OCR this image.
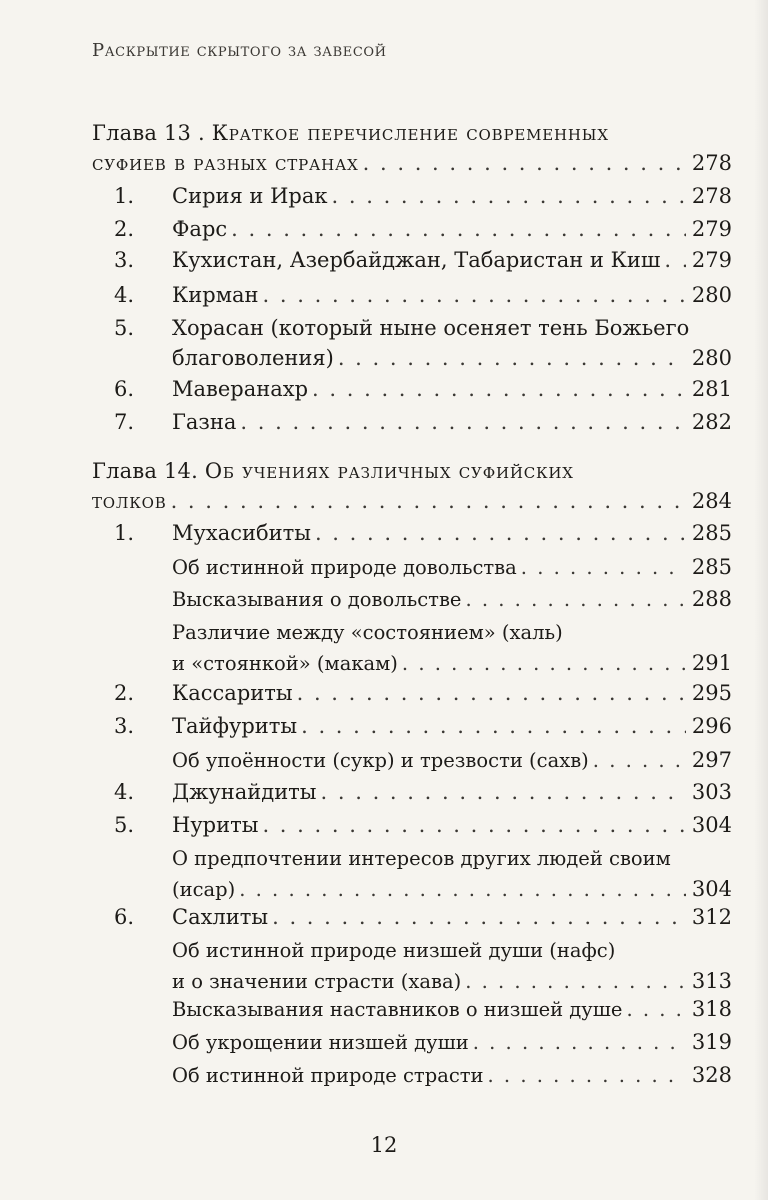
Раскрытие скрытого за завесой
Глава 13 . Краткое перечисление современных
суфиев в разных странах . . .	278
1.	Сирия и Ирак . . .	278
2.	Фарс . . .	279
3.	Кухистан, Азербайджан, Табаристан и Киш . . . 279
4.	Кирман . . .	280
5.	Хорасан (который ныне осеняет тень Божьего
благоволения) . . .	280
6.	Маверанахр . . .	281
7.	Газна . . .	282
Глава 14. Об учениях различных суфийских
толков . . .	284
1.	Мухасибиты . . .	285
Об истинной природе довольства . . .	285
Высказывания о довольстве . . .	288
Различие между «состоянием» (халь)
и «стоянкой» (макам) . . .	291
2.	Кассариты . . .	295
3.	Тайфуриты . . .	296
Об упоённости (сукр) и трезвости (сахв) . . .	297
4.	Джунайдиты . . .	303
5.	Нуриты . . .	304
О предпочтении интересов других людей своим
(исар) . . .	304
6.	Сахлиты . . .	312
Об истинной природе низшей души (нафс)
и о значении страсти (хава) . . .	313
Высказывания наставников о низшей душе . . .	318
Об укрощении низшей души . . .	319
Об истинной природе страсти . . .	328
12
